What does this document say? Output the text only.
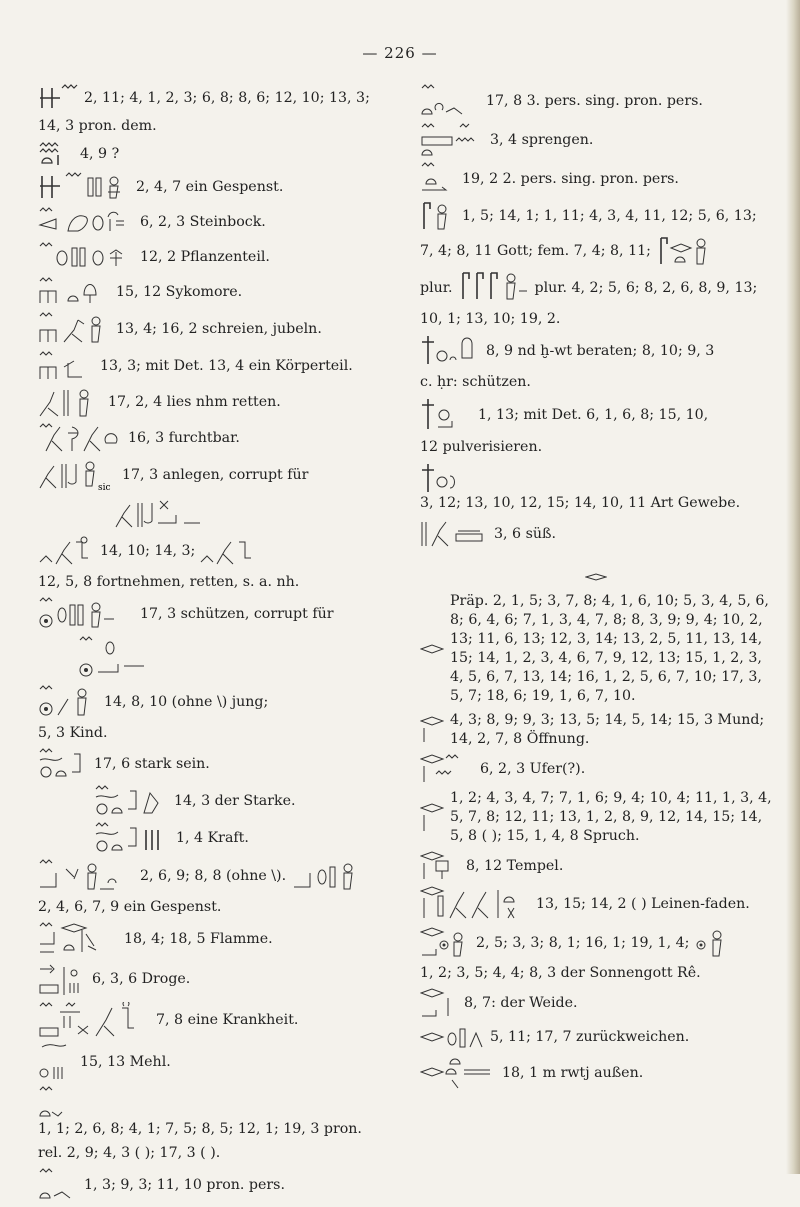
— 226 —
2, 11; 4, 1, 2, 3; 6, 8; 8, 6; 12, 10; 13, 3;
14, 3 pron. dem.
4, 9 ?
2, 4, 7 ein Gespenst.
6, 2, 3 Steinbock.
12, 2 Pflanzenteil.
15, 12 Sykomore.
13, 4; 16, 2 schreien, jubeln.
13, 3; mit Det. 13, 4 ein Körperteil.
17, 2, 4 lies nhm retten.
16, 3 furchtbar.
sic
17, 3 anlegen, corrupt für
14, 10; 14, 3;
12, 5, 8 fortnehmen, retten, s. a. nh.
17, 3 schützen, corrupt für
14, 8, 10 (ohne \) jung;
5, 3 Kind.
17, 6 stark sein.
14, 3 der Starke.
1, 4 Kraft.
2, 6, 9; 8, 8 (ohne \).
2, 4, 6, 7, 9 ein Gespenst.
18, 4; 18, 5 Flamme.
6, 3, 6 Droge.
7, 8 eine Krankheit.
15, 13 Mehl.
1, 1; 2, 6, 8; 4, 1; 7, 5; 8, 5; 12, 1; 19, 3 pron.
rel. 2, 9; 4, 3 ( ); 17, 3 ( ).
1, 3; 9, 3; 11, 10 pron. pers.
17, 8 3. pers. sing. pron. pers.
3, 4 sprengen.
19, 2 2. pers. sing. pron. pers.
1, 5; 14, 1; 1, 11; 4, 3, 4, 11, 12; 5, 6, 13;
7, 4; 8, 11 Gott; fem. 7, 4; 8, 11;
plur.	plur. 4, 2; 5, 6; 8, 2, 6, 8, 9, 13;
10, 1; 13, 10; 19, 2.
8, 9 nd ḫ-wt beraten; 8, 10; 9, 3
c. ḥr: schützen.
1, 13; mit Det. 6, 1, 6, 8; 15, 10,
12 pulverisieren.
3, 12; 13, 10, 12, 15; 14, 10, 11 Art Gewebe.
3, 6 süß.
Präp. 2, 1, 5; 3, 7, 8; 4, 1, 6, 10; 5, 3, 4, 5, 6, 8; 6, 4, 6; 7, 1, 3, 4, 7, 8; 8, 3, 9; 9, 4; 10, 2, 13; 11, 6, 13; 12, 3, 14; 13, 2, 5, 11, 13, 14, 15; 14, 1, 2, 3, 4, 6, 7, 9, 12, 13; 15, 1, 2, 3, 4, 5, 6, 7, 13, 14; 16, 1, 2, 5, 6, 7, 10; 17, 3, 5, 7; 18, 6; 19, 1, 6, 7, 10.
4, 3; 8, 9; 9, 3; 13, 5; 14, 5, 14; 15, 3 Mund; 14, 2, 7, 8 Öffnung.
6, 2, 3 Ufer(?).
1, 2; 4, 3, 4, 7; 7, 1, 6; 9, 4; 10, 4; 11, 1, 3, 4, 5, 7, 8; 12, 11; 13, 1, 2, 8, 9, 12, 14, 15; 14, 5, 8 ( ); 15, 1, 4, 8 Spruch.
8, 12 Tempel.
13, 15; 14, 2 ( ) Leinen-faden.
2, 5; 3, 3; 8, 1; 16, 1; 19, 1, 4;
1, 2; 3, 5; 4, 4; 8, 3 der Sonnengott Rê.
8, 7: der Weide.
5, 11; 17, 7 zurückweichen.
18, 1 m rwtj außen.
